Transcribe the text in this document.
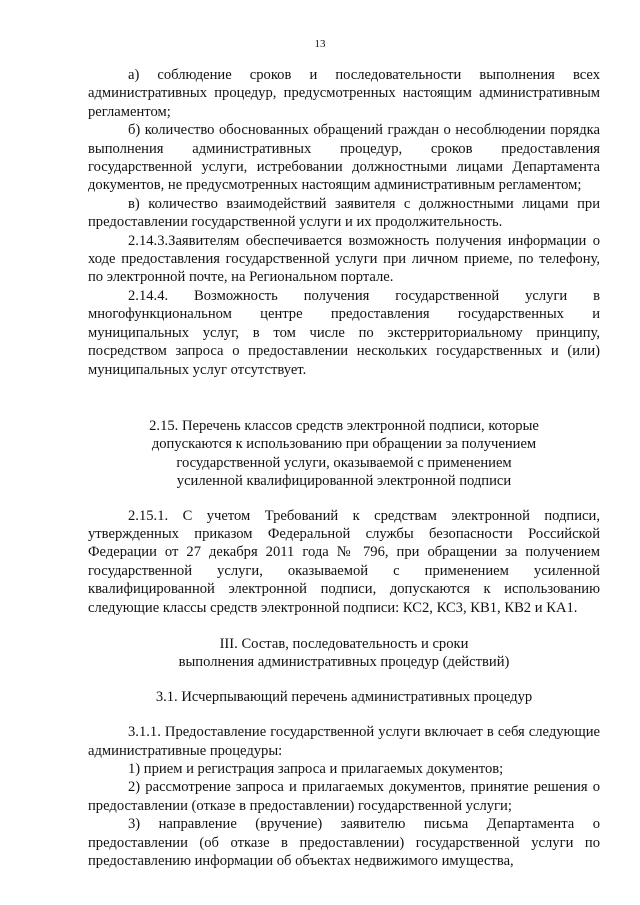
13

а) соблюдение сроков и последовательности выполнения всех административных процедур, предусмотренных настоящим административным регламентом;

б) количество обоснованных обращений граждан о несоблюдении порядка выполнения административных процедур, сроков предоставления государственной услуги, истребовании должностными лицами Департамента документов, не предусмотренных настоящим административным регламентом;

в) количество взаимодействий заявителя с должностными лицами при предоставлении государственной услуги и их продолжительность.

2.14.3.Заявителям обеспечивается возможность получения информации о ходе предоставления государственной услуги при личном приеме, по телефону, по электронной почте, на Региональном портале.

2.14.4. Возможность получения государственной услуги в многофункциональном центре предоставления государственных и муниципальных услуг, в том числе по экстерриториальному принципу, посредством запроса о предоставлении нескольких государственных и (или) муниципальных услуг отсутствует.

2.15. Перечень классов средств электронной подписи, которые
допускаются к использованию при обращении за получением
государственной услуги, оказываемой с применением
усиленной квалифицированной электронной подписи

2.15.1. С учетом Требований к средствам электронной подписи, утвержденных приказом Федеральной службы безопасности Российской Федерации от 27 декабря 2011 года № 796, при обращении за получением государственной услуги, оказываемой с применением усиленной квалифицированной электронной подписи, допускаются к использованию следующие классы средств электронной подписи: КС2, КС3, КВ1, КВ2 и КА1.

III. Состав, последовательность и сроки
выполнения административных процедур (действий)
3.1. Исчерпывающий перечень административных процедур

3.1.1. Предоставление государственной услуги включает в себя следующие административные процедуры:

1) прием и регистрация запроса и прилагаемых документов;

2) рассмотрение запроса и прилагаемых документов, принятие решения о предоставлении (отказе в предоставлении) государственной услуги;

3) направление (вручение) заявителю письма Департамента о предоставлении (об отказе в предоставлении) государственной услуги по предоставлению информации об объектах недвижимого имущества,
